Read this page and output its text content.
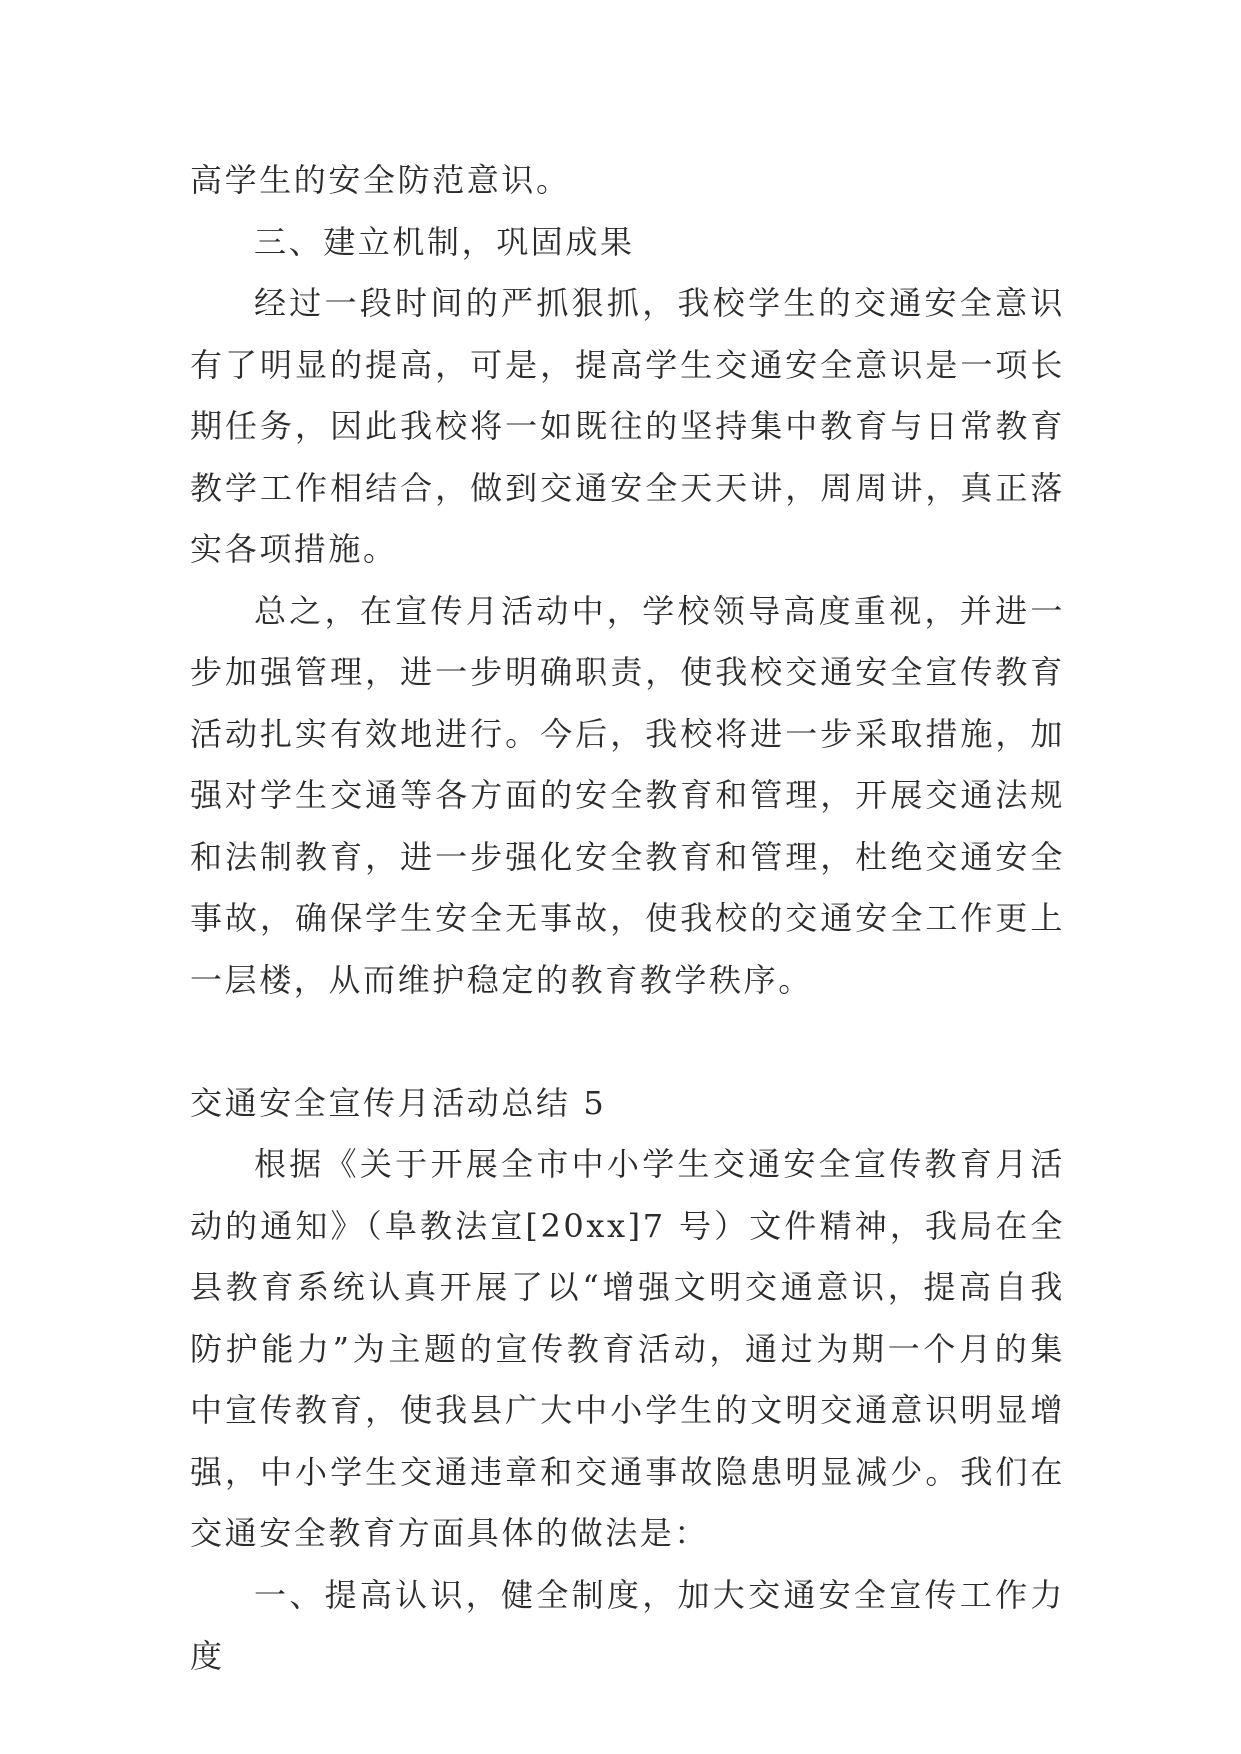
高学生的安全防范意识。

三、建立机制，巩固成果

经过一段时间的严抓狠抓，我校学生的交通安全意识有了明显的提高，可是，提高学生交通安全意识是一项长期任务，因此我校将一如既往的坚持集中教育与日常教育教学工作相结合，做到交通安全天天讲，周周讲，真正落实各项措施。

总之，在宣传月活动中，学校领导高度重视，并进一步加强管理，进一步明确职责，使我校交通安全宣传教育活动扎实有效地进行。今后，我校将进一步采取措施，加强对学生交通等各方面的安全教育和管理，开展交通法规和法制教育，进一步强化安全教育和管理，杜绝交通安全事故，确保学生安全无事故，使我校的交通安全工作更上一层楼，从而维护稳定的教育教学秩序。

交通安全宣传月活动总结 5

根据《关于开展全市中小学生交通安全宣传教育月活动的通知》（阜教法宣[20xx]7 号）文件精神，我局在全县教育系统认真开展了以“增强文明交通意识，提高自我防护能力”为主题的宣传教育活动，通过为期一个月的集中宣传教育，使我县广大中小学生的文明交通意识明显增强，中小学生交通违章和交通事故隐患明显减少。我们在交通安全教育方面具体的做法是：

一、提高认识，健全制度，加大交通安全宣传工作力度
